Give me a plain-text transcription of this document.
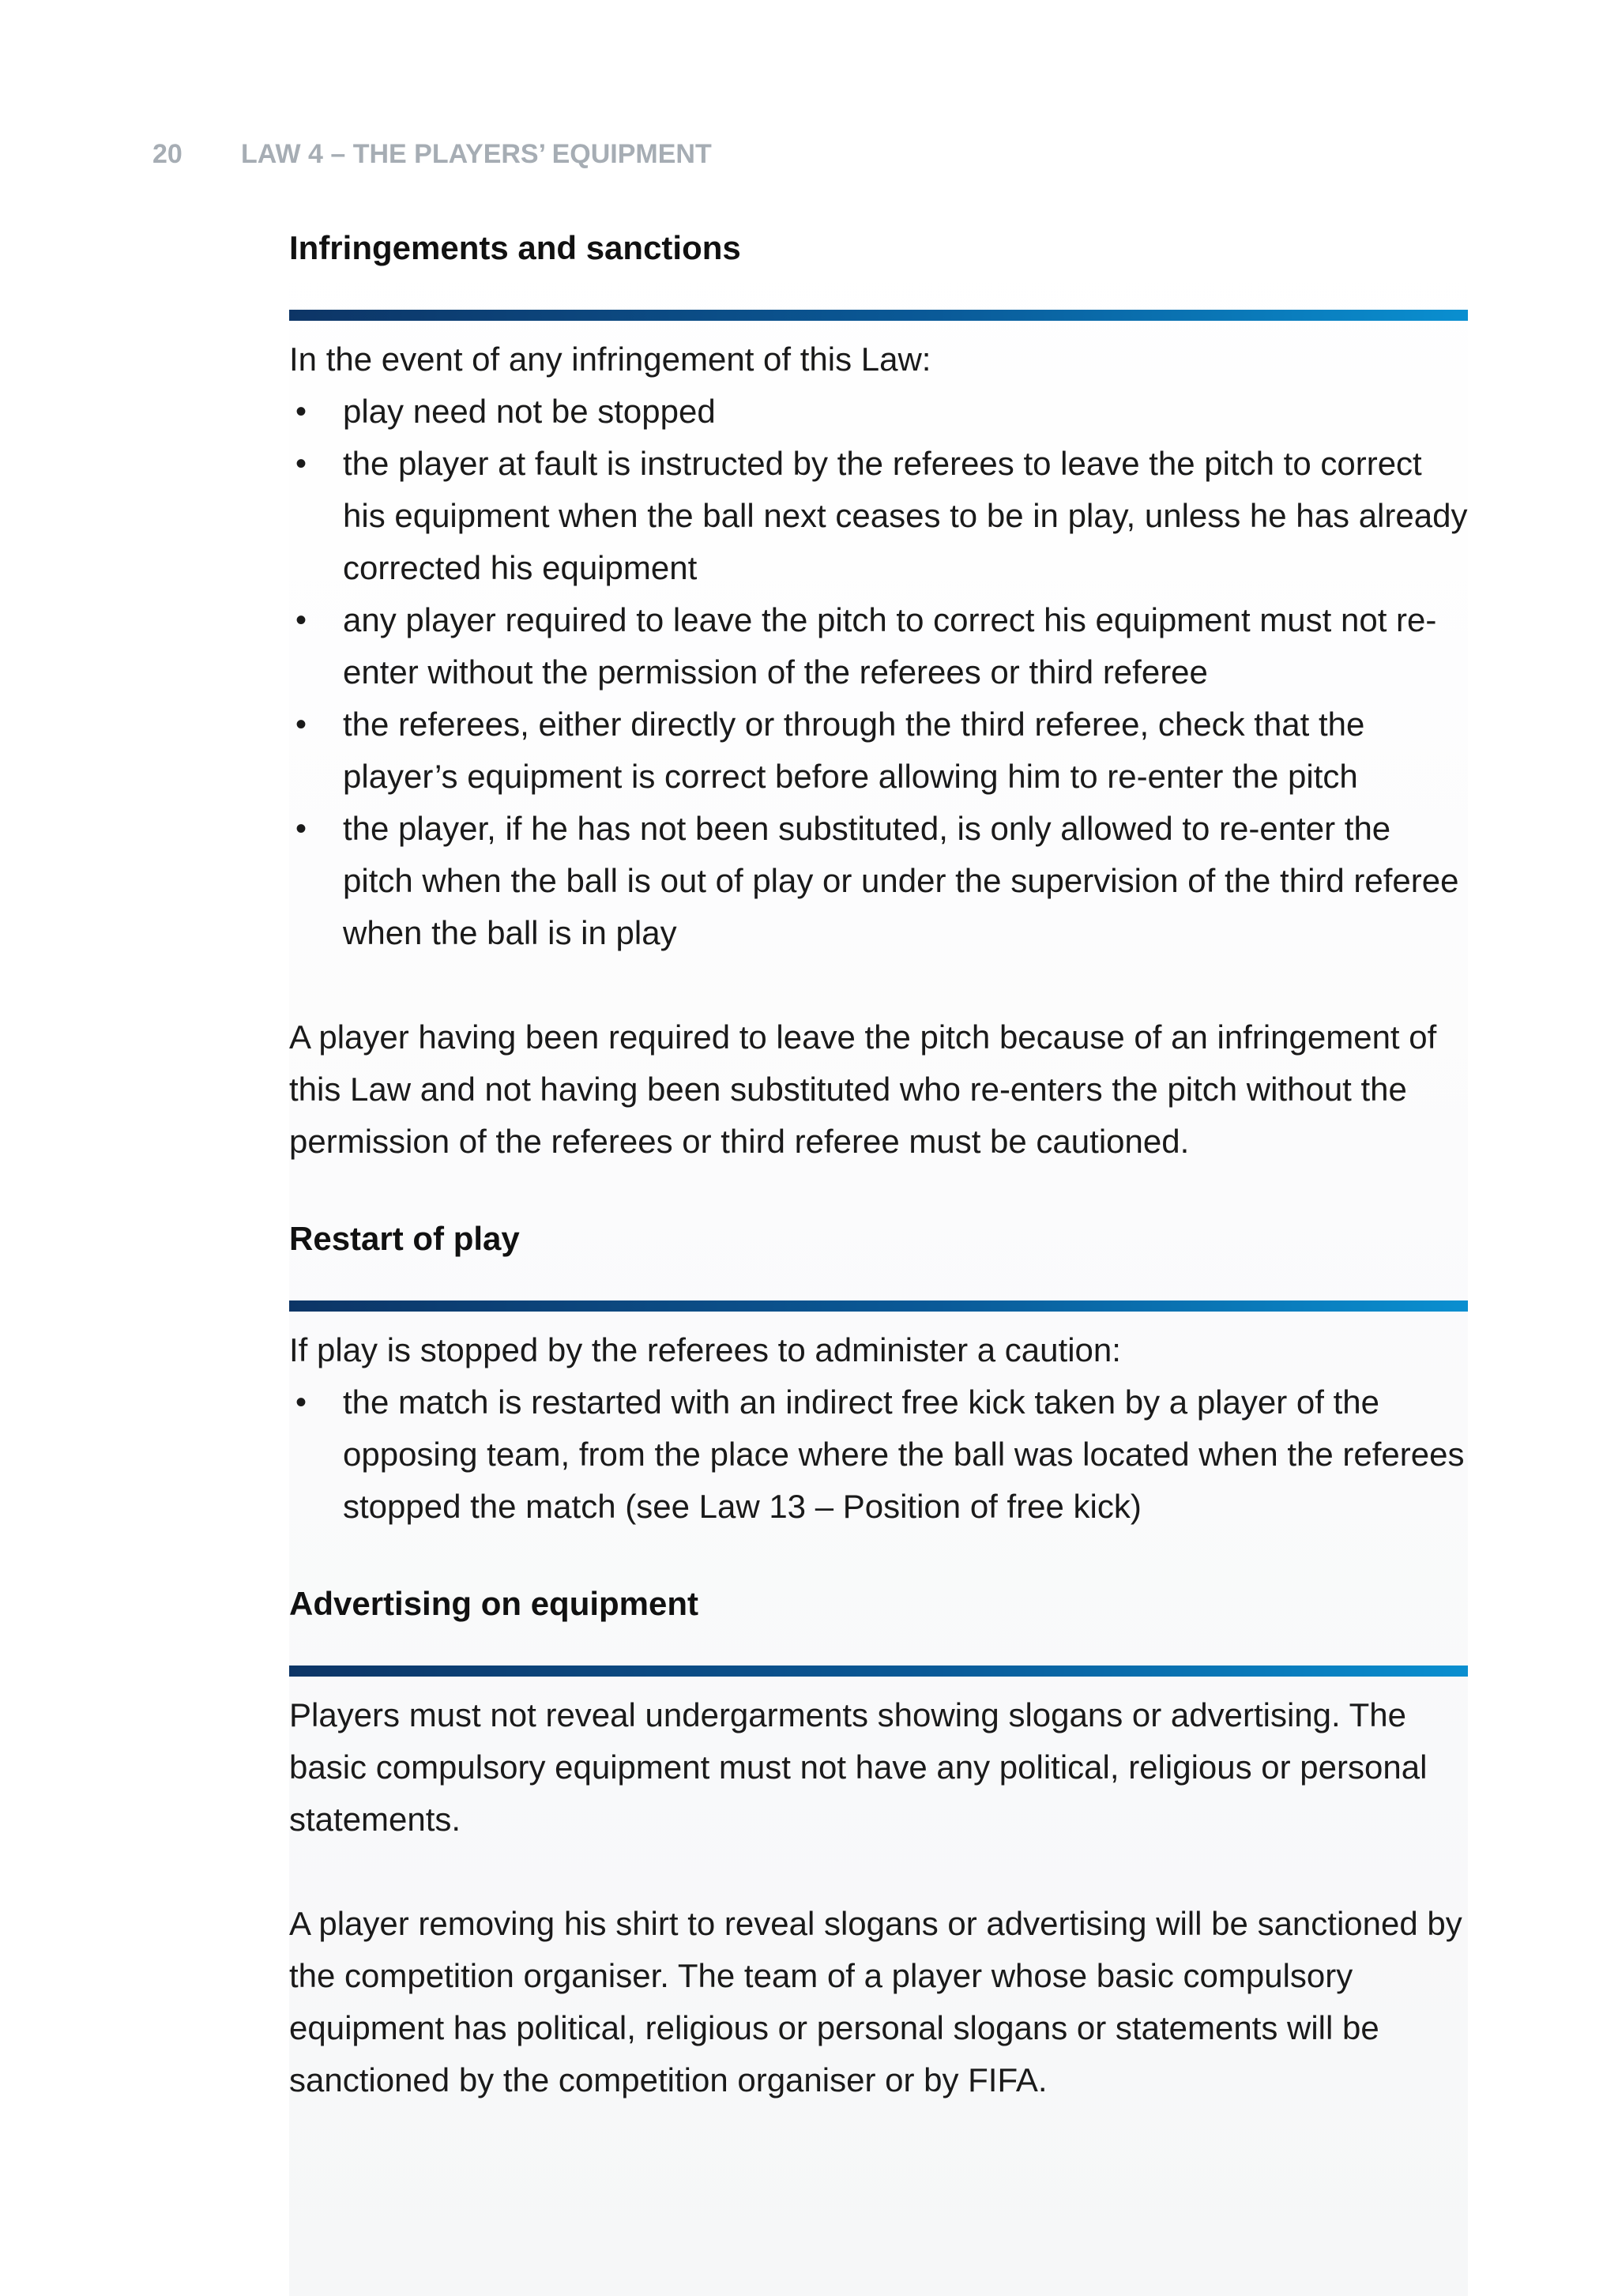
20 LAW 4 – THE PLAYERS’ EQUIPMENT
Infringements and sanctions

In the event of any infringement of this Law:

• play need not be stopped
• the player at fault is instructed by the referees to leave the pitch to correct his equipment when the ball next ceases to be in play, unless he has already corrected his equipment
• any player required to leave the pitch to correct his equipment must not re-enter without the permission of the referees or third referee
• the referees, either directly or through the third referee, check that the player’s equipment is correct before allowing him to re-enter the pitch
• the player, if he has not been substituted, is only allowed to re-enter the pitch when the ball is out of play or under the supervision of the third referee when the ball is in play

A player having been required to leave the pitch because of an infringement of this Law and not having been substituted who re-enters the pitch without the permission of the referees or third referee must be cautioned.

Restart of play

If play is stopped by the referees to administer a caution:

• the match is restarted with an indirect free kick taken by a player of the opposing team, from the place where the ball was located when the referees stopped the match (see Law 13 – Position of free kick)
Advertising on equipment

Players must not reveal undergarments showing slogans or advertising. The basic compulsory equipment must not have any political, religious or personal statements.

A player removing his shirt to reveal slogans or advertising will be sanctioned by the competition organiser. The team of a player whose basic compulsory equipment has political, religious or personal slogans or statements will be sanctioned by the competition organiser or by FIFA.
